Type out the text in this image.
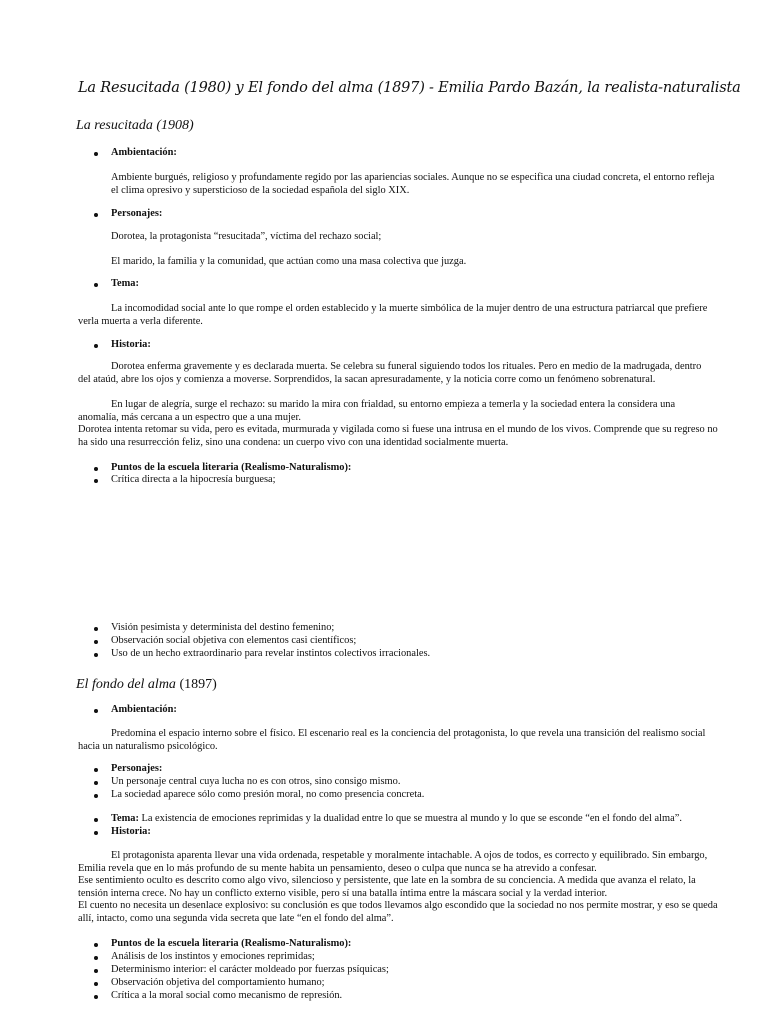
La Resucitada (1980) y El fondo del alma (1897) - Emilia Pardo Bazán, la realista-naturalista
La resucitada (1908)
Ambientación:
Ambiente burgués, religioso y profundamente regido por las apariencias sociales. Aunque no se especifica una ciudad concreta, el entorno refleja el clima opresivo y supersticioso de la sociedad española del siglo XIX.
Personajes:
Dorotea, la protagonista “resucitada”, víctima del rechazo social;
El marido, la familia y la comunidad, que actúan como una masa colectiva que juzga.
Tema:
La incomodidad social ante lo que rompe el orden establecido y la muerte simbólica de la mujer dentro de una estructura patriarcal que prefiere verla muerta a verla diferente.
Historia:
Dorotea enferma gravemente y es declarada muerta. Se celebra su funeral siguiendo todos los rituales. Pero en medio de la madrugada, dentro del ataúd, abre los ojos y comienza a moverse. Sorprendidos, la sacan apresuradamente, y la noticia corre como un fenómeno sobrenatural.
En lugar de alegría, surge el rechazo: su marido la mira con frialdad, su entorno empieza a temerla y la sociedad entera la considera una anomalía, más cercana a un espectro que a una mujer.
Dorotea intenta retomar su vida, pero es evitada, murmurada y vigilada como si fuese una intrusa en el mundo de los vivos. Comprende que su regreso no ha sido una resurrección feliz, sino una condena: un cuerpo vivo con una identidad socialmente muerta.
Puntos de la escuela literaria (Realismo-Naturalismo):
Crítica directa a la hipocresía burguesa;
Visión pesimista y determinista del destino femenino;
Observación social objetiva con elementos casi científicos;
Uso de un hecho extraordinario para revelar instintos colectivos irracionales.
El fondo del alma (1897)
Ambientación:
Predomina el espacio interno sobre el físico. El escenario real es la conciencia del protagonista, lo que revela una transición del realismo social hacia un naturalismo psicológico.
Personajes:
Un personaje central cuya lucha no es con otros, sino consigo mismo.
La sociedad aparece sólo como presión moral, no como presencia concreta.
Tema: La existencia de emociones reprimidas y la dualidad entre lo que se muestra al mundo y lo que se esconde “en el fondo del alma”.
Historia:
El protagonista aparenta llevar una vida ordenada, respetable y moralmente intachable. A ojos de todos, es correcto y equilibrado. Sin embargo, Emilia revela que en lo más profundo de su mente habita un pensamiento, deseo o culpa que nunca se ha atrevido a confesar.
Ese sentimiento oculto es descrito como algo vivo, silencioso y persistente, que late en la sombra de su conciencia. A medida que avanza el relato, la tensión interna crece. No hay un conflicto externo visible, pero sí una batalla íntima entre la máscara social y la verdad interior.
El cuento no necesita un desenlace explosivo: su conclusión es que todos llevamos algo escondido que la sociedad no nos permite mostrar, y eso se queda allí, intacto, como una segunda vida secreta que late “en el fondo del alma”.
Puntos de la escuela literaria (Realismo-Naturalismo):
Análisis de los instintos y emociones reprimidas;
Determinismo interior: el carácter moldeado por fuerzas psíquicas;
Observación objetiva del comportamiento humano;
Crítica a la moral social como mecanismo de represión.
